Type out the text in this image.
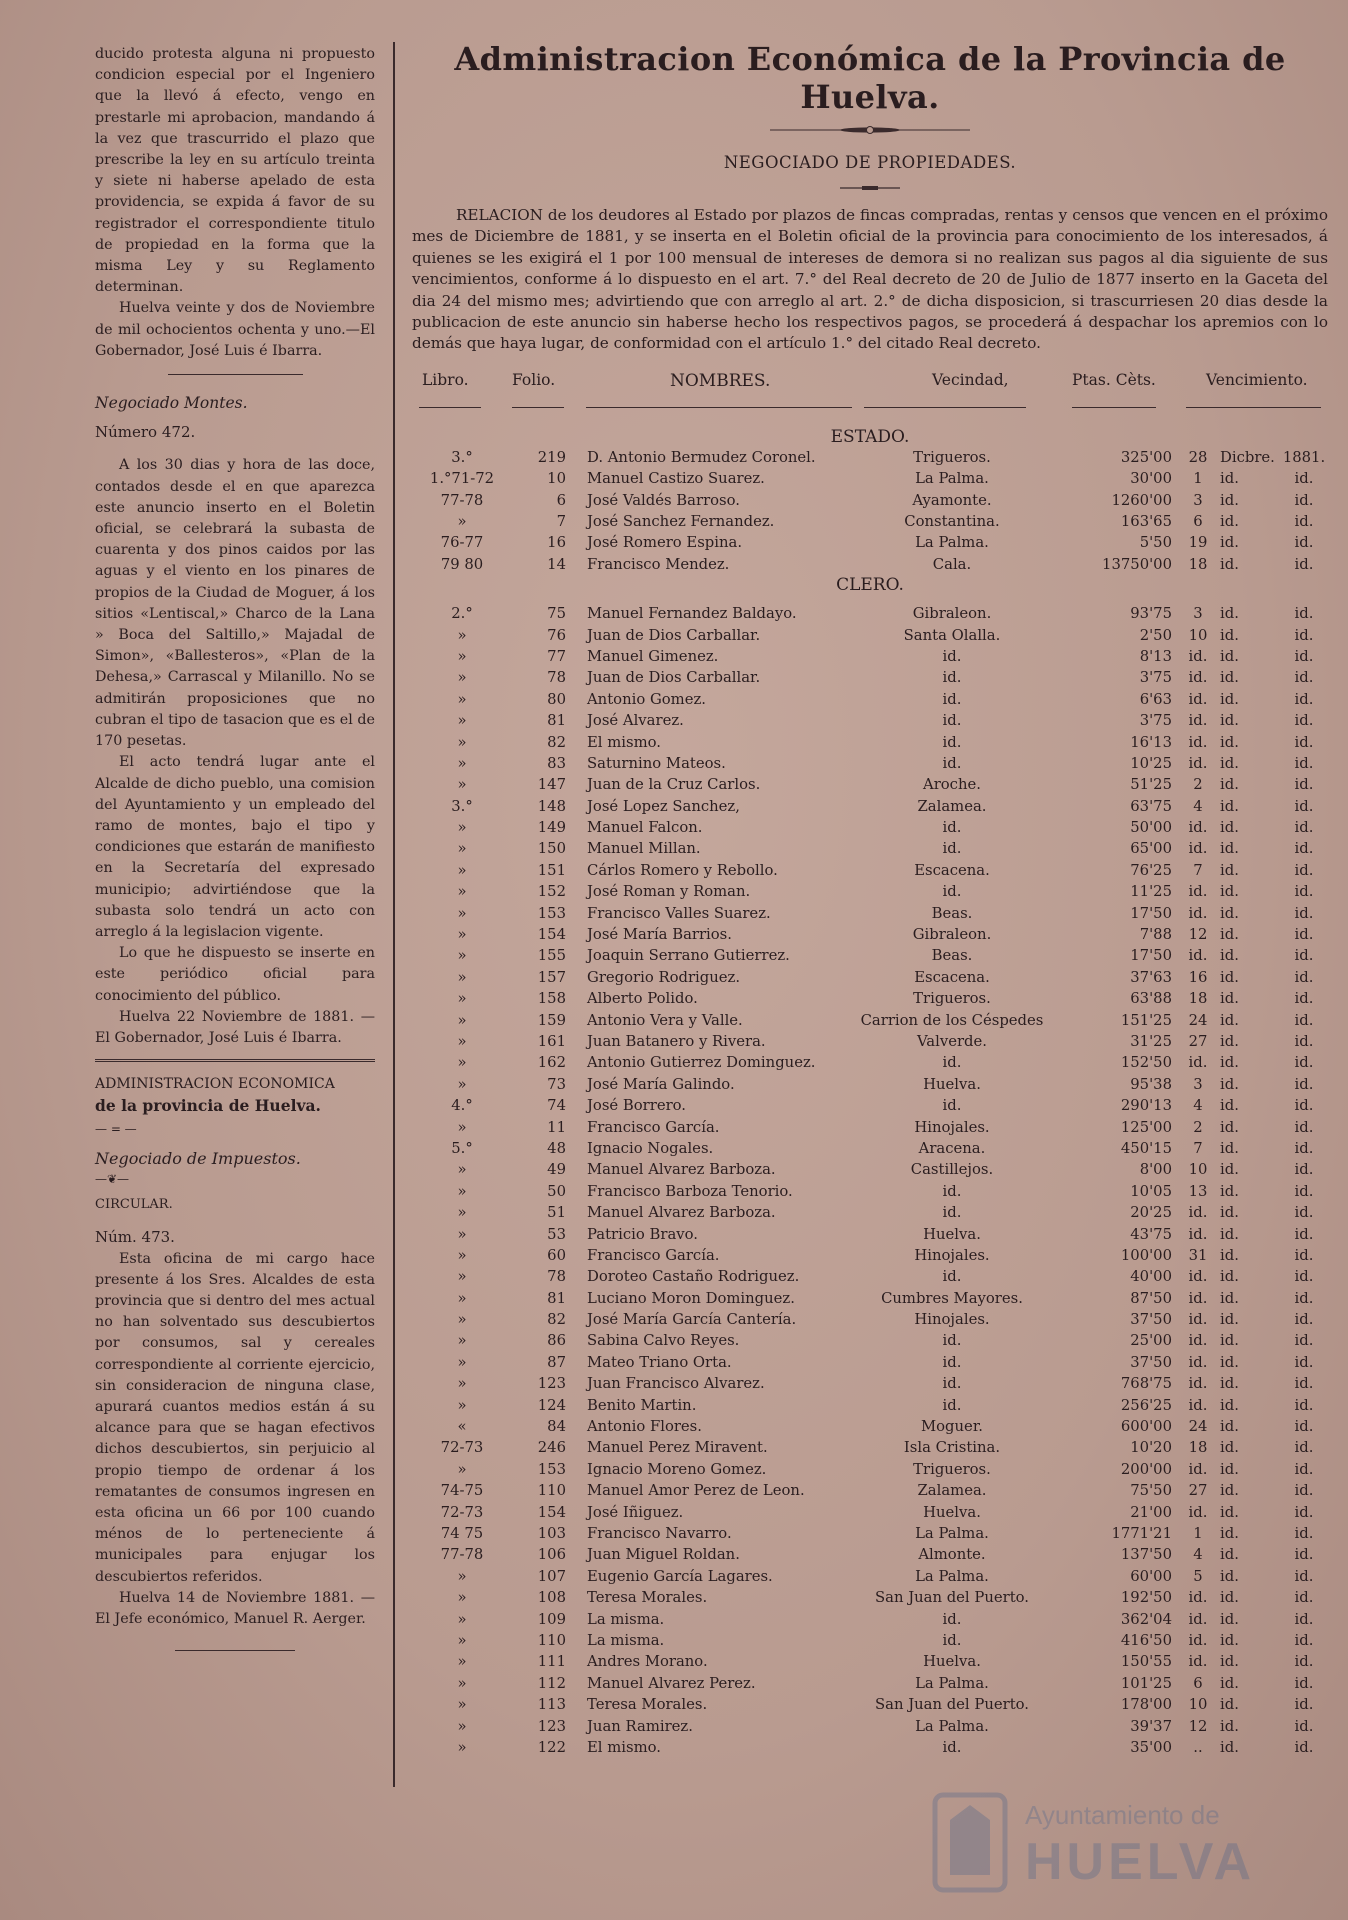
ducido protesta alguna ni propuesto condicion especial por el Ingeniero que la llevó á efecto, vengo en prestarle mi aprobacion, mandando á la vez que trascurrido el plazo que prescribe la ley en su artículo treinta y siete ni haberse apelado de esta providencia, se expida á favor de su registrador el correspondiente titulo de propiedad en la forma que la misma Ley y su Reglamento determinan.

Huelva veinte y dos de Noviembre de mil ochocientos ochenta y uno.—El Gobernador, José Luis é Ibarra.

Negociado Montes.

Número 472.

A los 30 dias y hora de las doce, contados desde el en que aparezca este anuncio inserto en el Boletin oficial, se celebrará la subasta de cuarenta y dos pinos caidos por las aguas y el viento en los pinares de propios de la Ciudad de Moguer, á los sitios «Lentiscal,» Charco de la Lana » Boca del Saltillo,» Majadal de Simon», «Ballesteros», «Plan de la Dehesa,» Carrascal y Milanillo. No se admitirán proposiciones que no cubran el tipo de tasacion que es el de 170 pesetas.

El acto tendrá lugar ante el Alcalde de dicho pueblo, una comision del Ayuntamiento y un empleado del ramo de montes, bajo el tipo y condiciones que estarán de manifiesto en la Secretaría del expresado municipio; advirtiéndose que la subasta solo tendrá un acto con arreglo á la legislacion vigente.

Lo que he dispuesto se inserte en este periódico oficial para conocimiento del público.

Huelva 22 Noviembre de 1881. —El Gobernador, José Luis é Ibarra.

ADMINISTRACION ECONOMICA

de la provincia de Huelva.

— = —

Negociado de Impuestos.

—❦—

CIRCULAR.

Núm. 473.

Esta oficina de mi cargo hace presente á los Sres. Alcaldes de esta provincia que si dentro del mes actual no han solventado sus descubiertos por consumos, sal y cereales correspondiente al corriente ejercicio, sin consideracion de ninguna clase, apurará cuantos medios están á su alcance para que se hagan efectivos dichos descubiertos, sin perjuicio al propio tiempo de ordenar á los rematantes de consumos ingresen en esta oficina un 66 por 100 cuando ménos de lo perteneciente á municipales para enjugar los descubiertos referidos.

Huelva 14 de Noviembre 1881. —El Jefe económico, Manuel R. Aerger.

Administracion Económica de la Provincia de Huelva.

NEGOCIADO DE PROPIEDADES.

RELACION de los deudores al Estado por plazos de fincas compradas, rentas y censos que vencen en el próximo mes de Diciembre de 1881, y se inserta en el Boletin oficial de la provincia para conocimiento de los interesados, á quienes se les exigirá el 1 por 100 mensual de intereses de demora si no realizan sus pagos al dia siguiente de sus vencimientos, conforme á lo dispuesto en el art. 7.° del Real decreto de 20 de Julio de 1877 inserto en la Gaceta del dia 24 del mismo mes; advirtiendo que con arreglo al art. 2.° de dicha disposicion, si trascurriesen 20 dias desde la publicacion de este anuncio sin haberse hecho los respectivos pagos, se procederá á despachar los apremios con lo demás que haya lugar, de conformidad con el artículo 1.° del citado Real decreto.

Libro.	Folio.	NOMBRES.	Vecindad,	Ptas. Cèts.	Vencimiento.
ESTADO.
3.°	219 D. Antonio Bermudez Coronel.	Trigueros.	325'00	28 Dicbre. 1881.
1.°71-72	10 Manuel Castizo Suarez.	La Palma.	30'00	1	id.	id.
77-78	6 José Valdés Barroso.	Ayamonte.	1260'00	3	id.	id.
»	7 José Sanchez Fernandez.	Constantina.	163'65	6	id.	id.
76-77	16 José Romero Espina.	La Palma.	5'50	19 id.	id.
79 80	14 Francisco Mendez.	Cala.	13750'00	18 id.	id.
CLERO.
2.°	75 Manuel Fernandez Baldayo.	Gibraleon.	93'75	3	id.	id.
»	76 Juan de Dios Carballar.	Santa Olalla.	2'50	10 id.	id.
»	77 Manuel Gimenez.	id.	8'13	id. id.	id.
»	78 Juan de Dios Carballar.	id.	3'75	id. id.	id.
»	80 Antonio Gomez.	id.	6'63	id. id.	id.
»	81 José Alvarez.	id.	3'75	id. id.	id.
»	82 El mismo.	id.	16'13	id. id.	id.
»	83 Saturnino Mateos.	id.	10'25	id. id.	id.
»	147 Juan de la Cruz Carlos.	Aroche.	51'25	2	id.	id.
3.°	148 José Lopez Sanchez,	Zalamea.	63'75	4	id.	id.
»	149 Manuel Falcon.	id.	50'00	id. id.	id.
»	150 Manuel Millan.	id.	65'00	id. id.	id.
»	151 Cárlos Romero y Rebollo.	Escacena.	76'25	7	id.	id.
»	152 José Roman y Roman.	id.	11'25	id. id.	id.
»	153 Francisco Valles Suarez.	Beas.	17'50	id. id.	id.
»	154 José María Barrios.	Gibraleon.	7'88	12 id.	id.
»	155 Joaquin Serrano Gutierrez.	Beas.	17'50	id. id.	id.
»	157 Gregorio Rodriguez.	Escacena.	37'63	16 id.	id.
»	158 Alberto Polido.	Trigueros.	63'88	18 id.	id.
»	159 Antonio Vera y Valle.	Carrion de los Céspedes	151'25	24 id.	id.
»	161 Juan Batanero y Rivera.	Valverde.	31'25	27 id.	id.
»	162 Antonio Gutierrez Dominguez.	id.	152'50	id. id.	id.
»	73 José María Galindo.	Huelva.	95'38	3	id.	id.
4.°	74 José Borrero.	id.	290'13	4	id.	id.
»	11 Francisco García.	Hinojales.	125'00	2	id.	id.
5.°	48 Ignacio Nogales.	Aracena.	450'15	7	id.	id.
»	49 Manuel Alvarez Barboza.	Castillejos.	8'00	10 id.	id.
»	50 Francisco Barboza Tenorio.	id.	10'05	13 id.	id.
»	51 Manuel Alvarez Barboza.	id.	20'25	id. id.	id.
»	53 Patricio Bravo.	Huelva.	43'75	id. id.	id.
»	60 Francisco García.	Hinojales.	100'00	31 id.	id.
»	78 Doroteo Castaño Rodriguez.	id.	40'00	id. id.	id.
»	81 Luciano Moron Dominguez.	Cumbres Mayores.	87'50	id. id.	id.
»	82 José María García Cantería.	Hinojales.	37'50	id. id.	id.
»	86 Sabina Calvo Reyes.	id.	25'00	id. id.	id.
»	87 Mateo Triano Orta.	id.	37'50	id. id.	id.
»	123 Juan Francisco Alvarez.	id.	768'75	id. id.	id.
»	124 Benito Martin.	id.	256'25	id. id.	id.
«	84 Antonio Flores.	Moguer.	600'00	24 id.	id.
72-73	246 Manuel Perez Miravent.	Isla Cristina.	10'20	18 id.	id.
»	153 Ignacio Moreno Gomez.	Trigueros.	200'00	id. id.	id.
74-75	110 Manuel Amor Perez de Leon.	Zalamea.	75'50	27 id.	id.
72-73	154 José Iñiguez.	Huelva.	21'00	id. id.	id.
74 75	103 Francisco Navarro.	La Palma.	1771'21	1	id.	id.
77-78	106 Juan Miguel Roldan.	Almonte.	137'50	4	id.	id.
»	107 Eugenio García Lagares.	La Palma.	60'00	5	id.	id.
»	108 Teresa Morales.	San Juan del Puerto.	192'50	id. id.	id.
»	109 La misma.	id.	362'04	id. id.	id.
»	110 La misma.	id.	416'50	id. id.	id.
»	111 Andres Morano.	Huelva.	150'55	id. id.	id.
»	112 Manuel Alvarez Perez.	La Palma.	101'25	6	id.	id.
»	113 Teresa Morales.	San Juan del Puerto.	178'00	10 id.	id.
»	123 Juan Ramirez.	La Palma.	39'37	12 id.	id.
»	122 El mismo.	id.	35'00	..	id.	id.
Ayuntamiento de
HUELVA
